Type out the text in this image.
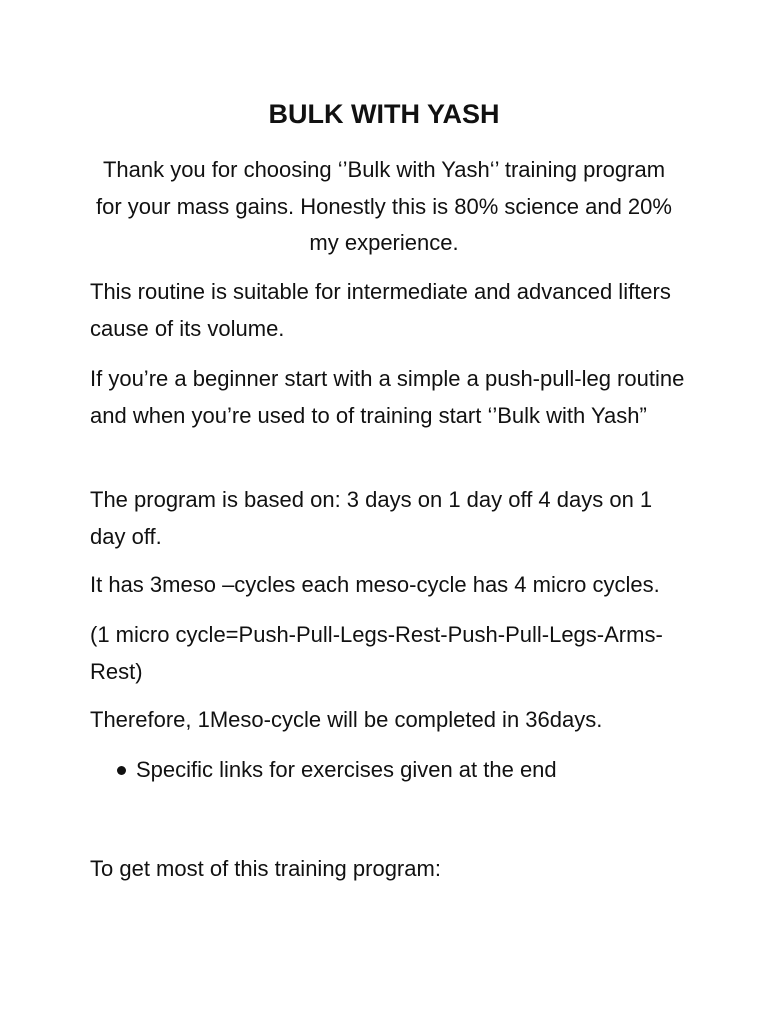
BULK WITH YASH

Thank you for choosing ‘’Bulk with Yash‘’ training program for your mass gains. Honestly this is 80% science and 20% my experience.

This routine is suitable for intermediate and advanced lifters cause of its volume.

If you’re a beginner start with a simple a push-pull-leg routine and when you’re used to of training start ‘’Bulk with Yash”

The program is based on: 3 days on 1 day off 4 days on 1 day off.

It has 3meso –cycles each meso-cycle has 4 micro cycles.

(1 micro cycle=Push-Pull-Legs-Rest-Push-Pull-Legs-Arms-Rest)

Therefore, 1Meso-cycle will be completed in 36days.

Specific links for exercises given at the end

To get most of this training program:
